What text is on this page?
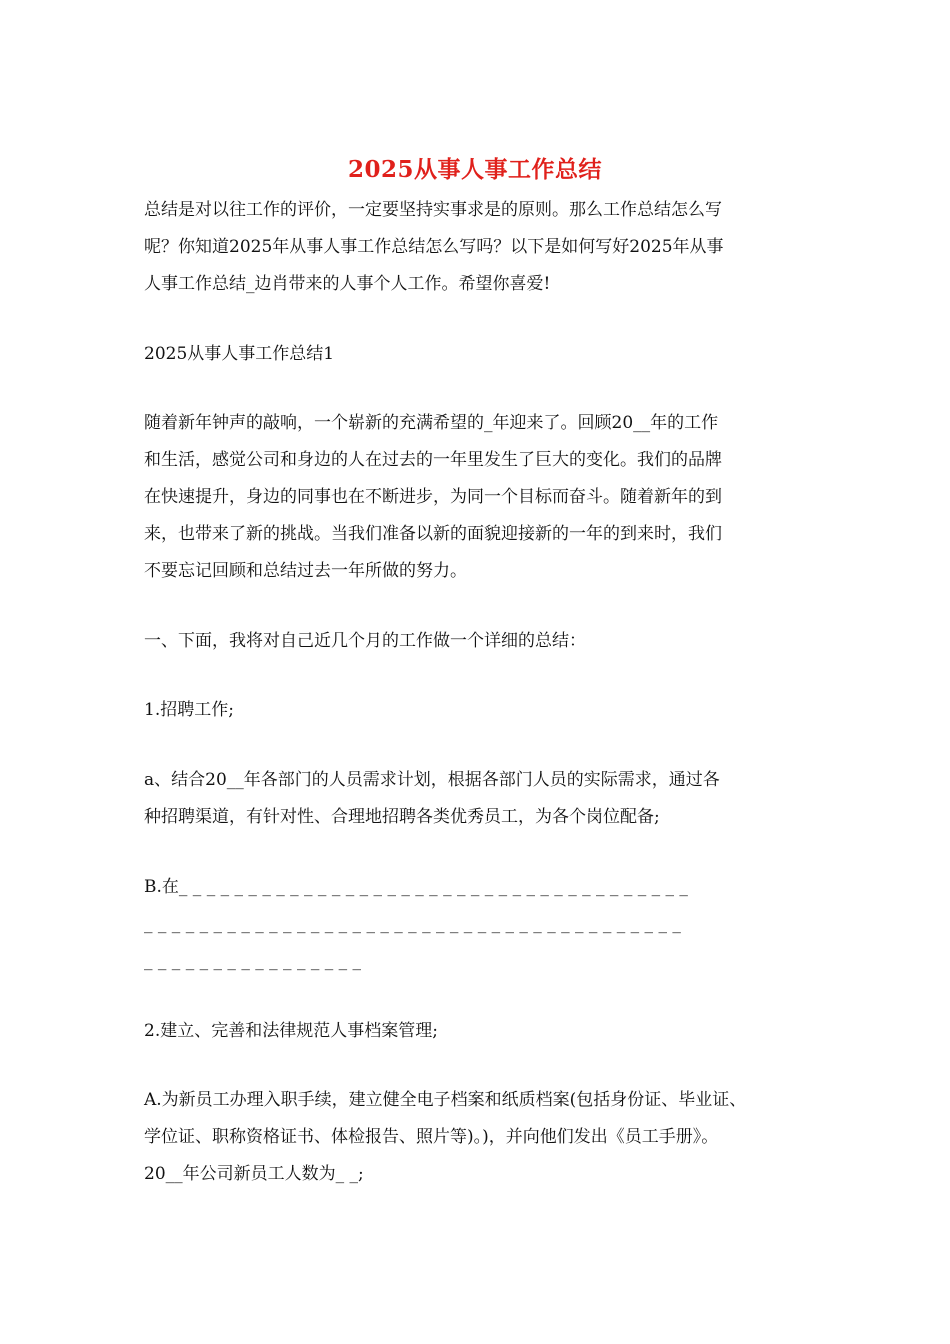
2025从事人事工作总结
总结是对以往工作的评价，一定要坚持实事求是的原则。那么工作总结怎么写
呢？你知道2025年从事人事工作总结怎么写吗？以下是如何写好2025年从事
人事工作总结_边肖带来的人事个人工作。希望你喜爱!
2025从事人事工作总结1
随着新年钟声的敲响，一个崭新的充满希望的_年迎来了。回顾20__年的工作
和生活，感觉公司和身边的人在过去的一年里发生了巨大的变化。我们的品牌
在快速提升，身边的同事也在不断进步，为同一个目标而奋斗。随着新年的到
来，也带来了新的挑战。当我们准备以新的面貌迎接新的一年的到来时，我们
不要忘记回顾和总结过去一年所做的努力。
一、下面，我将对自己近几个月的工作做一个详细的总结：
1.招聘工作;
a、结合20__年各部门的人员需求计划，根据各部门人员的实际需求，通过各
种招聘渠道，有针对性、合理地招聘各类优秀员工，为各个岗位配备;
B.在_ _ _ _ _ _ _ _ _ _ _ _ _ _ _ _ _ _ _ _ _ _ _ _ _ _ _ _ _ _ _ _ _ _ _ _ _
_ _ _ _ _ _ _ _ _ _ _ _ _ _ _ _ _ _ _ _ _ _ _ _ _ _ _ _ _ _ _ _ _ _ _ _ _ _ _
_ _ _ _ _ _ _ _ _ _ _ _ _ _ _ _
2.建立、完善和法律规范人事档案管理;
A.为新员工办理入职手续，建立健全电子档案和纸质档案(包括身份证、毕业证、
学位证、职称资格证书、体检报告、照片等)。)，并向他们发出《员工手册》。
20__年公司新员工人数为_ _;
